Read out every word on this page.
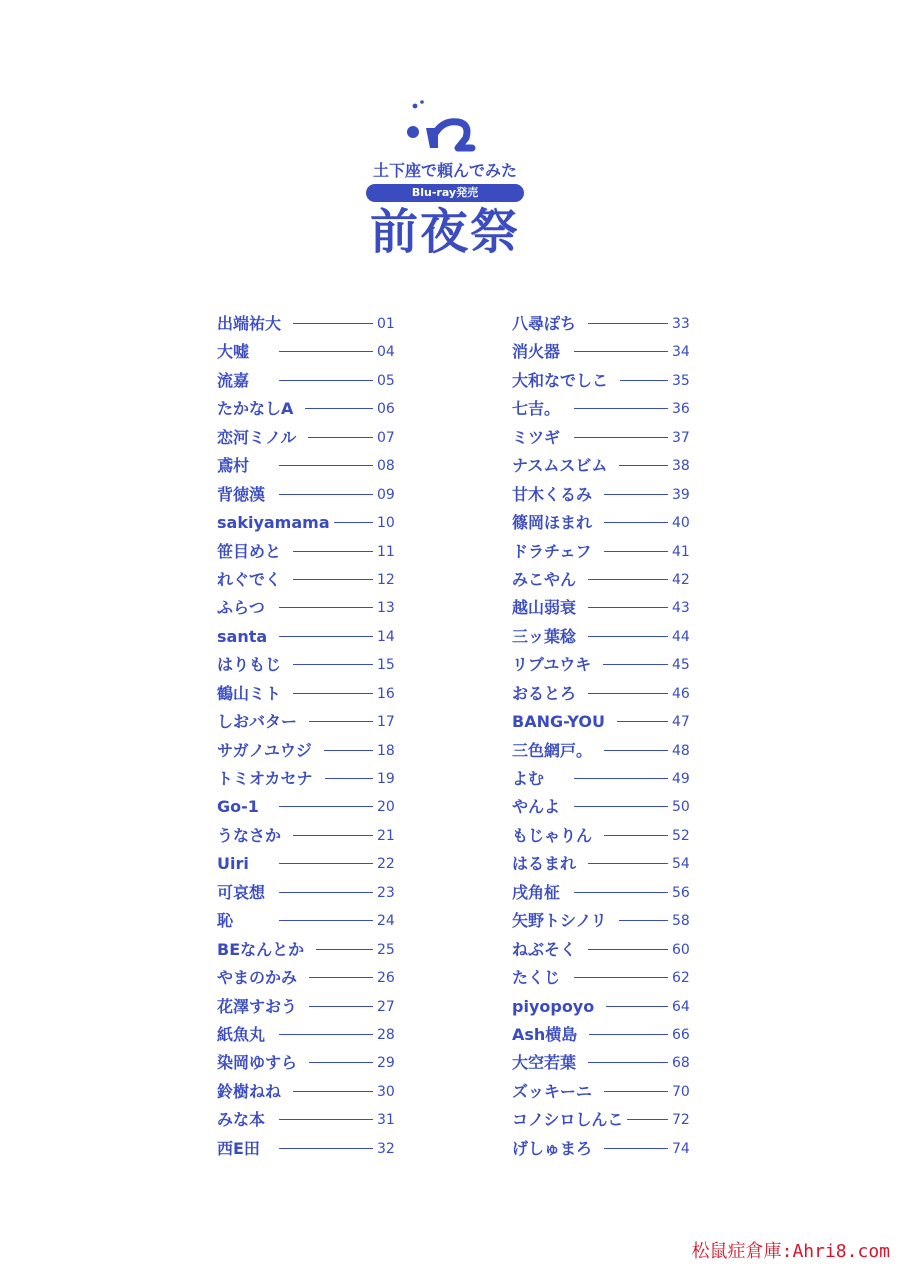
土下座で頼んでみた
Blu-ray発売
前夜祭
出端祐大	01
大嘘	04
流嘉	05
たかなしA	06
恋河ミノル	07
鳶村	08
背徳漢	09
sakiyamama	10
笹目めと	11
れぐでく	12
ふらつ	13
santa	14
はりもじ	15
鶴山ミト	16
しおバター	17
サガノユウジ	18
トミオカセナ	19
Go-1	20
うなさか	21
Uiri	22
可哀想	23
恥	24
BEなんとか	25
やまのかみ	26
花澤すおう	27
紙魚丸	28
染岡ゆすら	29
鈴樹ねね	30
みな本	31
西E田	32
八尋ぽち	33
消火器	34
大和なでしこ	35
七吉。	36
ミツギ	37
ナスムスビム	38
甘木くるみ	39
篠岡ほまれ	40
ドラチェフ	41
みこやん	42
越山弱衰	43
三ッ葉稔	44
リブユウキ	45
おるとろ	46
BANG-YOU	47
三色網戸。	48
よむ	49
やんよ	50
もじゃりん	52
はるまれ	54
戌角柾	56
矢野トシノリ	58
ねぶそく	60
たくじ	62
piyopoyo	64
Ash横島	66
大空若葉	68
ズッキーニ	70
コノシロしんこ	72
げしゅまろ	74
松鼠症倉庫:Ahri8.com
